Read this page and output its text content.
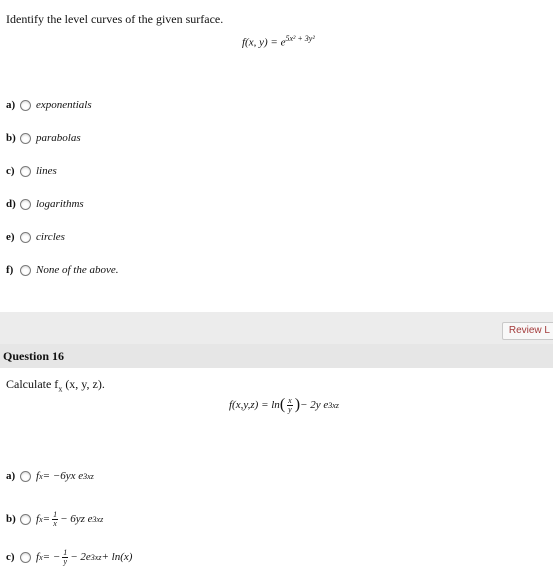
Identify the level curves of the given surface.
f(x, $y) = e^{5x^2 + 3y^2}$
a)	exponentials
b)	parabolas
c)	lines
d)	logarithms
e)	circles
f)	None of the above.
Review L
Question 16
Calculate $f_x$ (x, y, z).
f(x,y,z) = ln ( $\frac{x}{y}$ ) − 2y e 3xz
a)	f x = −6yx e 3xz
b)	f $x = \frac{1}{x} - 6yz$ e 3xz
c)	f x = − $\frac{1}{y} - 2e$ 3xz + ln(x)
